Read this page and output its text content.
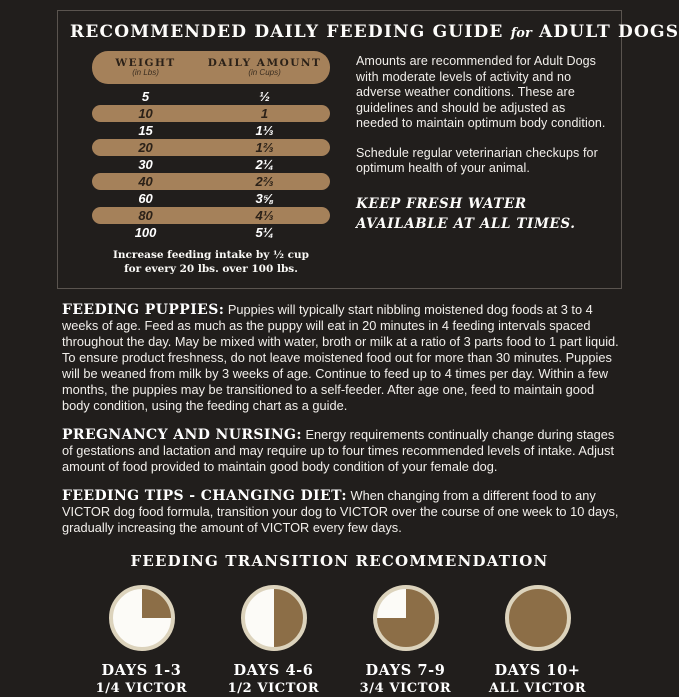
RECOMMENDED DAILY FEEDING GUIDE for ADULT DOGS
WEIGHT
(in Lbs)
DAILY AMOUNT
(in Cups)
5	½
10	1
15	1⅓
20	1⅔
30	2¼
40	2⅔
60	3⅝
80	4⅓
100	5¼
Increase feeding intake by ½ cup for every 20 lbs. over 100 lbs.
Amounts are recommended for Adult Dogs with moderate levels of activity and no adverse weather conditions. These are guidelines and should be adjusted as needed to maintain optimum body condition.
Schedule regular veterinarian checkups for optimum health of your animal.
KEEP FRESH WATER AVAILABLE AT ALL TIMES.
FEEDING PUPPIES: Puppies will typically start nibbling moistened dog foods at 3 to 4 weeks of age. Feed as much as the puppy will eat in 20 minutes in 4 feeding intervals spaced throughout the day. May be mixed with water, broth or milk at a ratio of 3 parts food to 1 part liquid. To ensure product freshness, do not leave moistened food out for more than 30 minutes. Puppies will be weaned from milk by 3 weeks of age. Continue to feed up to 4 times per day. Within a few months, the puppies may be transitioned to a self-feeder. After age one, feed to maintain good body condition, using the feeding chart as a guide.
PREGNANCY AND NURSING: Energy requirements continually change during stages of gestations and lactation and may require up to four times recommended levels of intake. Adjust amount of food provided to maintain good body condition of your female dog.
FEEDING TIPS - CHANGING DIET: When changing from a different food to any VICTOR dog food formula, transition your dog to VICTOR over the course of one week to 10 days, gradually increasing the amount of VICTOR every few days.
FEEDING TRANSITION RECOMMENDATION
DAYS 1-3
1/4 VICTOR
DAYS 4-6
1/2 VICTOR
DAYS 7-9
3/4 VICTOR
DAYS 10+
ALL VICTOR
